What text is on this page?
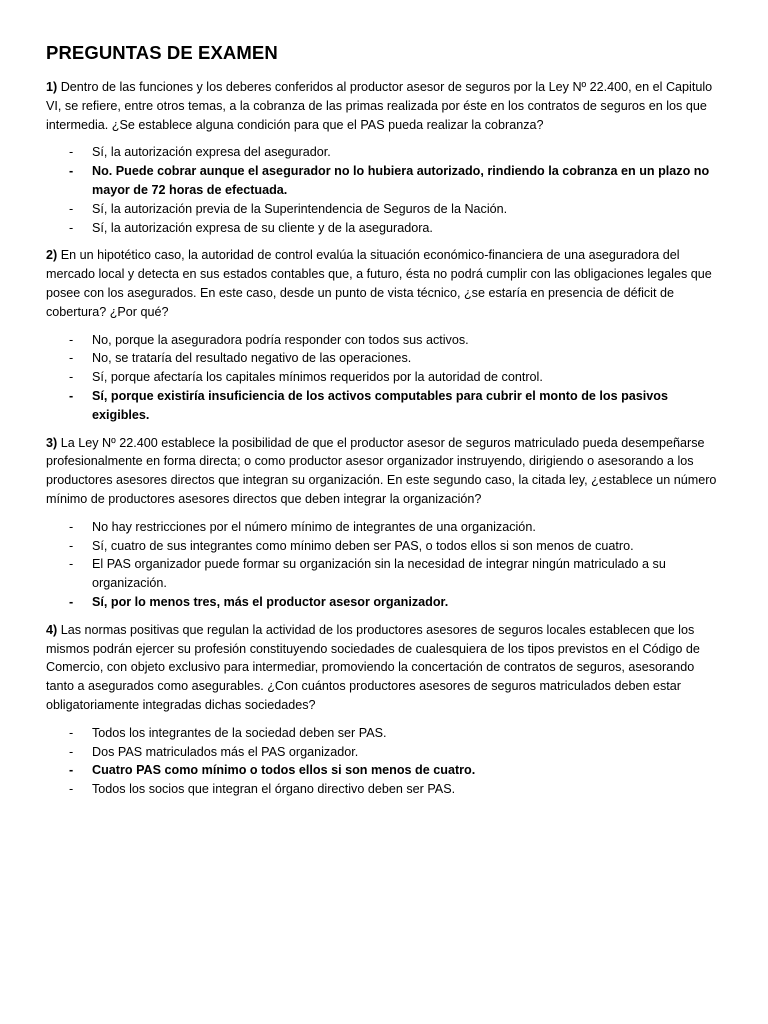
PREGUNTAS DE EXAMEN

1) Dentro de las funciones y los deberes conferidos al productor asesor de seguros por la Ley Nº 22.400, en el Capitulo VI, se refiere, entre otros temas, a la cobranza de las primas realizada por éste en los contratos de seguros en los que intermedia. ¿Se establece alguna condición para que el PAS pueda realizar la cobranza?

- Sí, la autorización expresa del asegurador.
- No. Puede cobrar aunque el asegurador no lo hubiera autorizado, rindiendo la cobranza en un plazo no mayor de 72 horas de efectuada.
- Sí, la autorización previa de la Superintendencia de Seguros de la Nación.
- Sí, la autorización expresa de su cliente y de la aseguradora.

2) En un hipotético caso, la autoridad de control evalúa la situación económico-financiera de una aseguradora del mercado local y detecta en sus estados contables que, a futuro, ésta no podrá cumplir con las obligaciones legales que posee con los asegurados. En este caso, desde un punto de vista técnico, ¿se estaría en presencia de déficit de cobertura? ¿Por qué?

- No, porque la aseguradora podría responder con todos sus activos.
- No, se trataría del resultado negativo de las operaciones.
- Sí, porque afectaría los capitales mínimos requeridos por la autoridad de control.
- Sí, porque existiría insuficiencia de los activos computables para cubrir el monto de los pasivos exigibles.

3) La Ley Nº 22.400 establece la posibilidad de que el productor asesor de seguros matriculado pueda desempeñarse profesionalmente en forma directa; o como productor asesor organizador instruyendo, dirigiendo o asesorando a los productores asesores directos que integran su organización. En este segundo caso, la citada ley, ¿establece un número mínimo de productores asesores directos que deben integrar la organización?

- No hay restricciones por el número mínimo de integrantes de una organización.
- Sí, cuatro de sus integrantes como mínimo deben ser PAS, o todos ellos si son menos de cuatro.
- El PAS organizador puede formar su organización sin la necesidad de integrar ningún matriculado a su organización.
- Sí, por lo menos tres, más el productor asesor organizador.

4) Las normas positivas que regulan la actividad de los productores asesores de seguros locales establecen que los mismos podrán ejercer su profesión constituyendo sociedades de cualesquiera de los tipos previstos en el Código de Comercio, con objeto exclusivo para intermediar, promoviendo la concertación de contratos de seguros, asesorando tanto a asegurados como asegurables. ¿Con cuántos productores asesores de seguros matriculados deben estar obligatoriamente integradas dichas sociedades?

- Todos los integrantes de la sociedad deben ser PAS.
- Dos PAS matriculados más el PAS organizador.
- Cuatro PAS como mínimo o todos ellos si son menos de cuatro.
- Todos los socios que integran el órgano directivo deben ser PAS.
